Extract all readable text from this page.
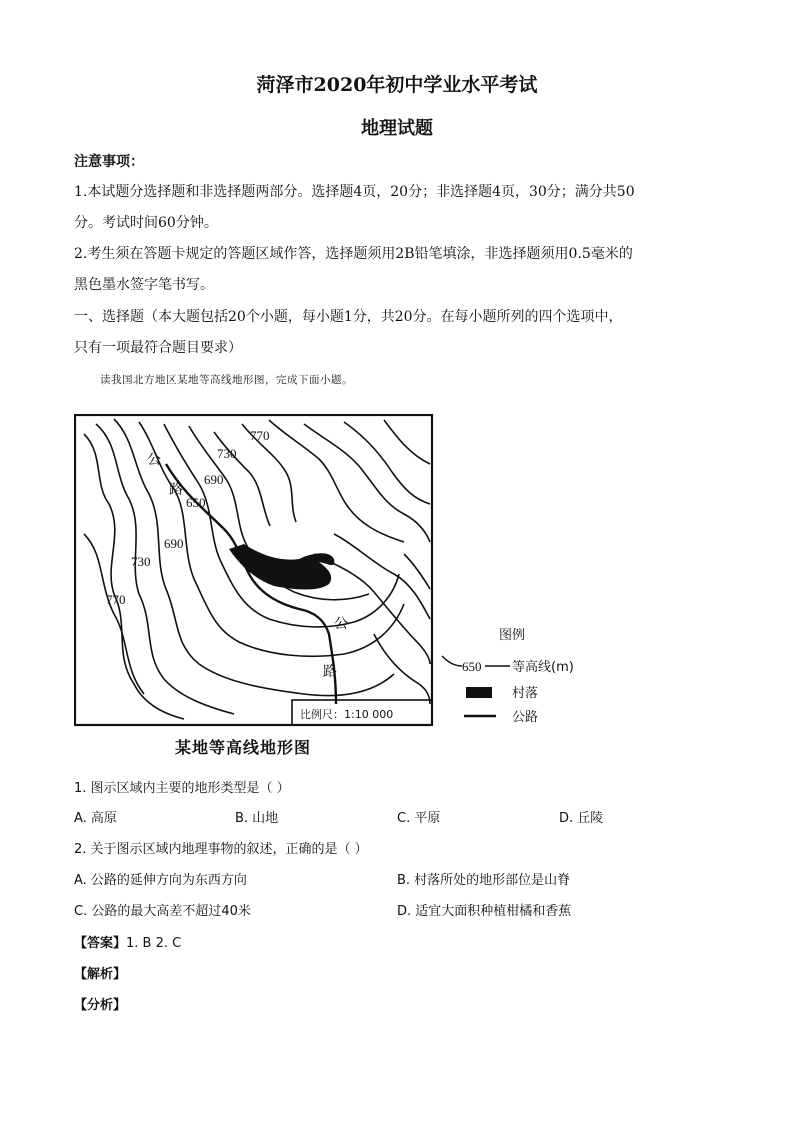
菏泽市2020年初中学业水平考试
地理试题
注意事项：
1.本试题分选择题和非选择题两部分。选择题4页，20分；非选择题4页，30分；满分共50
分。考试时间60分钟。
2.考生须在答题卡规定的答题区域作答，选择题须用2B铅笔填涂，非选择题须用0.5毫米的
黑色墨水签字笔书写。
一、选择题（本大题包括20个小题，每小题1分，共20分。在每小题所列的四个选项中，
只有一项最符合题目要求）
读我国北方地区某地等高线地形图，完成下面小题。
770
730
690
650
690
730
770
公
路
公
路
比例尺：1:10 000
图例
650 等高线(m)
村落
公路
某地等高线地形图
1. 图示区域内主要的地形类型是（ ）
A. 高原	B. 山地	C. 平原	D. 丘陵
2. 关于图示区域内地理事物的叙述，正确的是（ ）
A. 公路的延伸方向为东西方向	B. 村落所处的地形部位是山脊
C. 公路的最大高差不超过40米	D. 适宜大面积种植柑橘和香蕉
【答案】1. B 2. C
【解析】
【分析】
